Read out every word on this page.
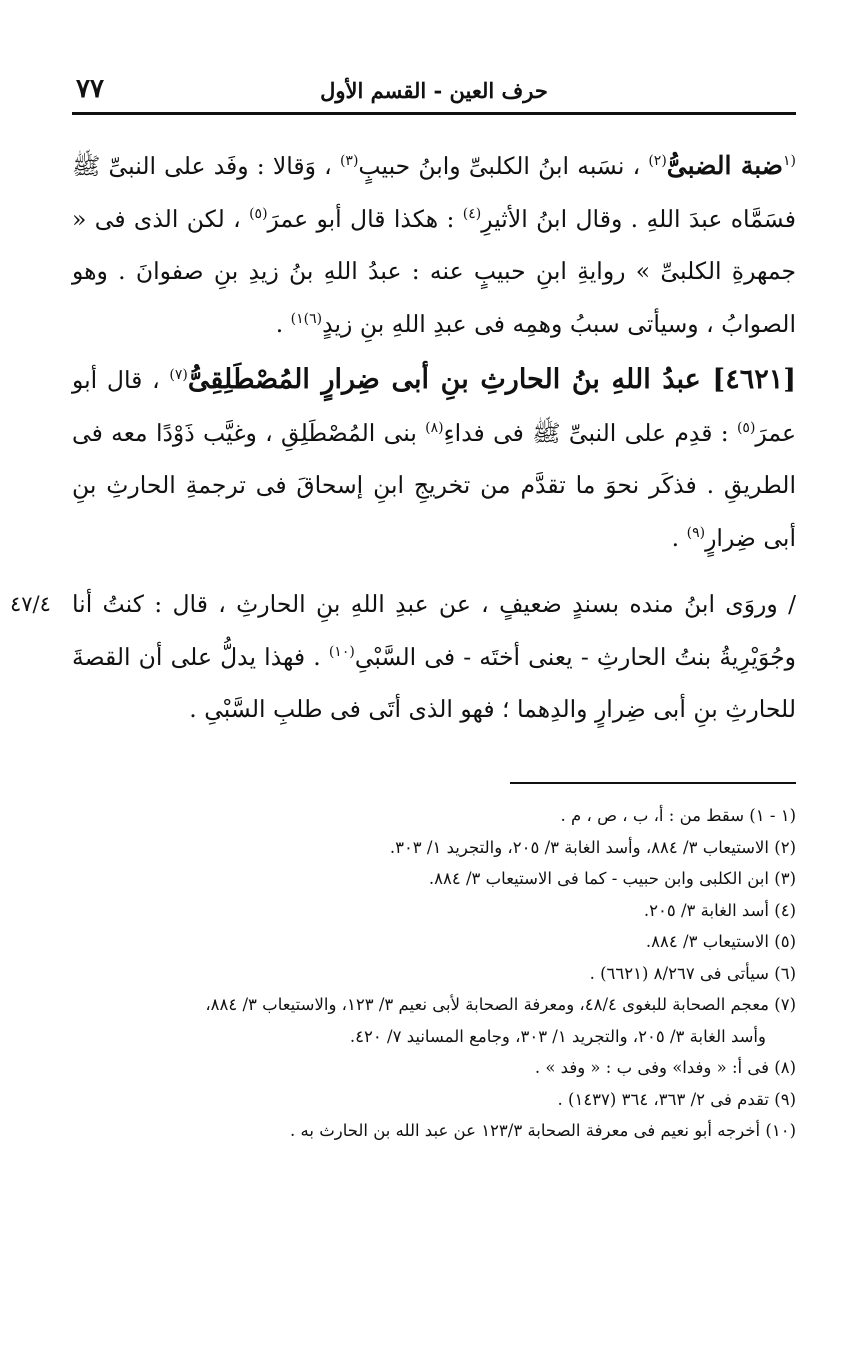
٧٧	حرف العين - القسم الأول

$^{(١}$ضبة الضبىُّ$^{(٢)}$ ، نسَبه ابنُ الكلبىِّ وابنُ حبيبٍ$^{(٣)}$ ، وَقالا : وفَد على النبىِّ ﷺ فسَمَّاه عبدَ اللهِ . وقال ابنُ الأثيرِ$^{(٤)}$ : هكذا قال أبو عمرَ$^{(٥)}$ ، لكن الذى فى « جمهرةِ الكلبىِّ » روايةِ ابنِ حبيبٍ عنه : عبدُ اللهِ بنُ زيدِ بنِ صفوانَ . وهو الصوابُ ، وسيأتى سببُ وهمِه فى عبدِ اللهِ بنِ زيدٍ$^{(٦)١)}$ .

[٤٦٢١] عبدُ اللهِ بنُ الحارثِ بنِ أبى ضِرارٍ المُصْطَلِقِىُّ$^{(٧)}$ ، قال أبو عمرَ$^{(٥)}$ : قدِم على النبىِّ ﷺ فى فداءِ$^{(٨)}$ بنى المُصْطَلِقِ ، وغيَّب ذَوْدًا معه فى الطريقِ . فذكَر نحوَ ما تقدَّم من تخريجِ ابنِ إسحاقَ فى ترجمةِ الحارثِ بنِ أبى ضِرارٍ$^{(٩)}$ .

٤٧/٤ / وروَى ابنُ منده بسندٍ ضعيفٍ ، عن عبدِ اللهِ بنِ الحارثِ ، قال : كنتُ أنا وجُوَيْرِيةُ بنتُ الحارثِ - يعنى أختَه - فى السَّبْىِ$^{(١٠)}$ . فهذا يدلُّ على أن القصةَ للحارثِ بنِ أبى ضِرارٍ والدِهما ؛ فهو الذى أتَى فى طلبِ السَّبْىِ .

(١ - ١) سقط من : أ، ب ، ص ، م .

(٢) الاستيعاب ٣/ ٨٨٤، وأسد الغابة ٣/ ٢٠٥، والتجريد ١/ ٣٠٣.

(٣) ابن الكلبى وابن حبيب - كما فى الاستيعاب ٣/ ٨٨٤.

(٤) أسد الغابة ٣/ ٢٠٥.

(٥) الاستيعاب ٣/ ٨٨٤.

(٦) سيأتى فى ٨/٢٦٧ (٦٦٢١) .

(٧) معجم الصحابة للبغوى ٤٨/٤، ومعرفة الصحابة لأبى نعيم ٣/ ١٢٣، والاستيعاب ٣/ ٨٨٤،

وأسد الغابة ٣/ ٢٠٥، والتجريد ١/ ٣٠٣، وجامع المسانيد ٧/ ٤٢٠.

(٨) فى أ: « وفدا» وفى ب : « وفد » .

(٩) تقدم فى ٢/ ٣٦٣، ٣٦٤ (١٤٣٧) .

(١٠) أخرجه أبو نعيم فى معرفة الصحابة ١٢٣/٣ عن عبد الله بن الحارث به .
